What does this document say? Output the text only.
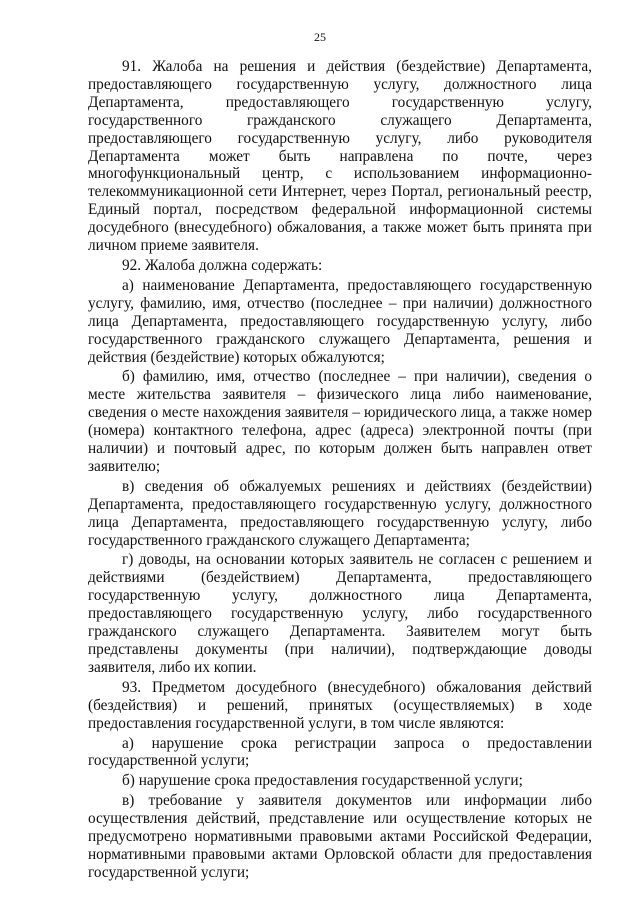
25

91. Жалоба на решения и действия (бездействие) Департамента, предоставляющего государственную услугу, должностного лица Департамента, предоставляющего государственную услугу, государственного гражданского служащего Департамента, предоставляющего государственную услугу, либо руководителя Департамента может быть направлена по почте, через многофункциональный центр, с использованием информационно-телекоммуникационной сети Интернет, через Портал, региональный реестр, Единый портал, посредством федеральной информационной системы досудебного (внесудебного) обжалования, а также может быть принята при личном приеме заявителя.

92. Жалоба должна содержать:

а) наименование Департамента, предоставляющего государственную услугу, фамилию, имя, отчество (последнее – при наличии) должностного лица Департамента, предоставляющего государственную услугу, либо государственного гражданского служащего Департамента, решения и действия (бездействие) которых обжалуются;

б) фамилию, имя, отчество (последнее – при наличии), сведения о месте жительства заявителя – физического лица либо наименование, сведения о месте нахождения заявителя – юридического лица, а также номер (номера) контактного телефона, адрес (адреса) электронной почты (при наличии) и почтовый адрес, по которым должен быть направлен ответ заявителю;

в) сведения об обжалуемых решениях и действиях (бездействии) Департамента, предоставляющего государственную услугу, должностного лица Департамента, предоставляющего государственную услугу, либо государственного гражданского служащего Департамента;

г) доводы, на основании которых заявитель не согласен с решением и действиями (бездействием) Департамента, предоставляющего государственную услугу, должностного лица Департамента, предоставляющего государственную услугу, либо государственного гражданского служащего Департамента. Заявителем могут быть представлены документы (при наличии), подтверждающие доводы заявителя, либо их копии.

93. Предметом досудебного (внесудебного) обжалования действий (бездействия) и решений, принятых (осуществляемых) в ходе предоставления государственной услуги, в том числе являются:

а) нарушение срока регистрации запроса о предоставлении государственной услуги;

б) нарушение срока предоставления государственной услуги;

в) требование у заявителя документов или информации либо осуществления действий, представление или осуществление которых не предусмотрено нормативными правовыми актами Российской Федерации, нормативными правовыми актами Орловской области для предоставления государственной услуги;
